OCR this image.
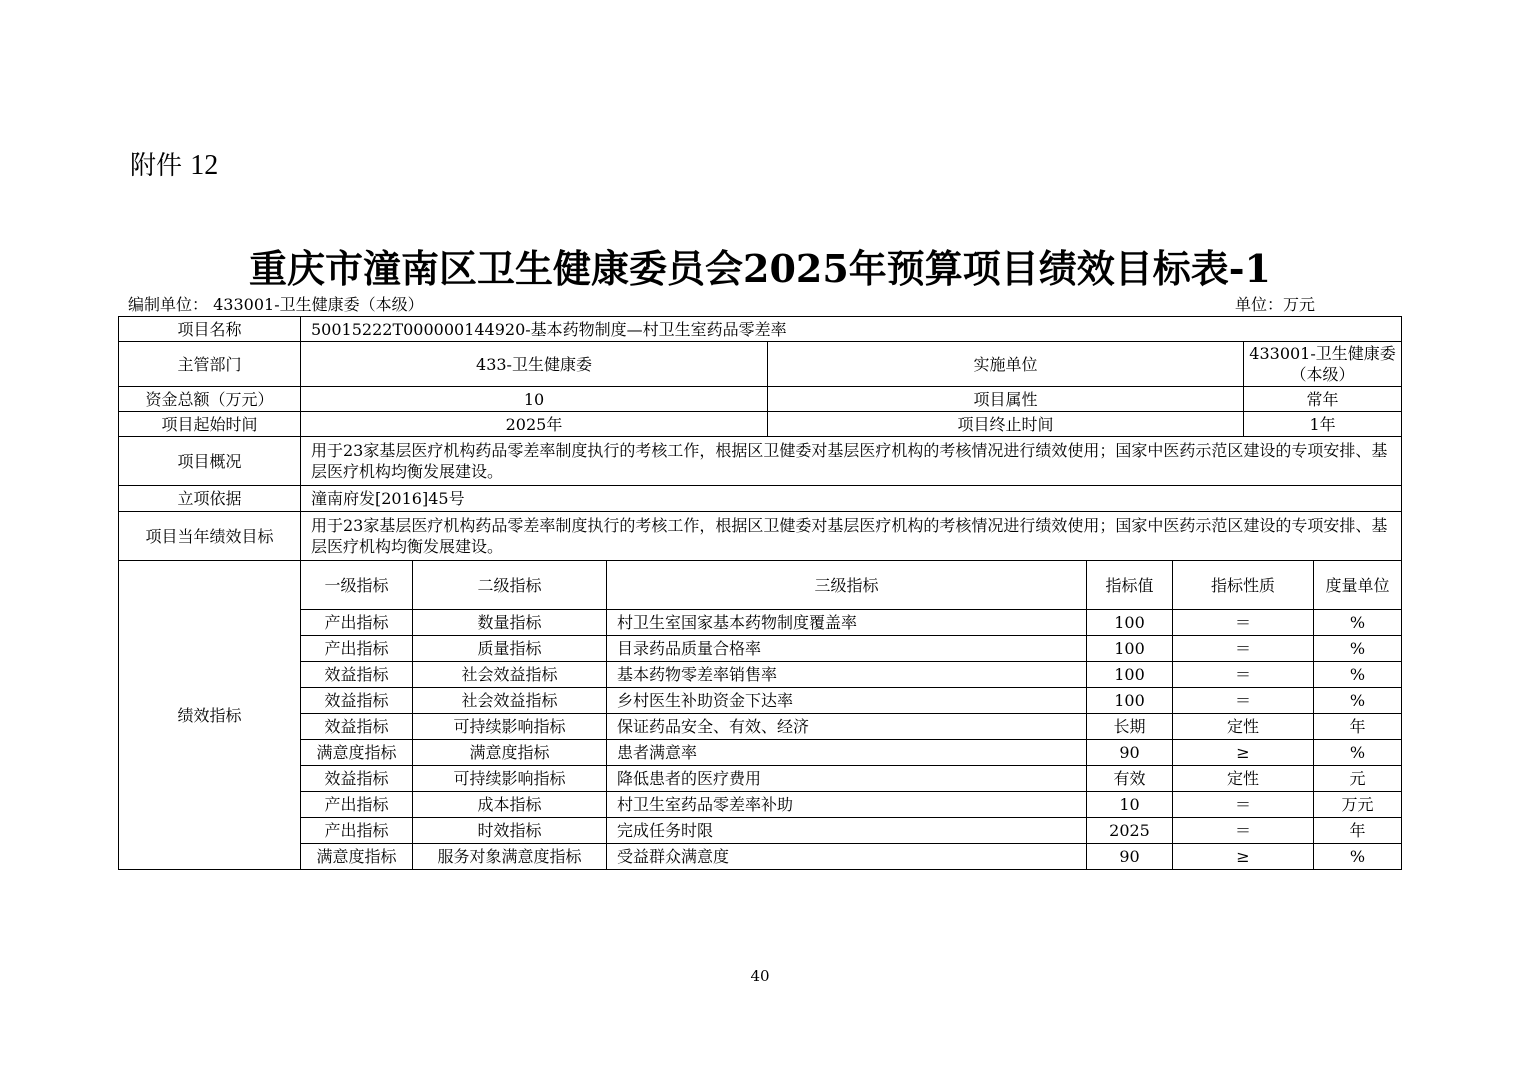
附件 12
重庆市潼南区卫生健康委员会2025年预算项目绩效目标表-1
编制单位： 433001-卫生健康委（本级）	单位：万元
项目名称	50015222T000000144920-基本药物制度—村卫生室药品零差率							
主管部门	433-卫生健康委			实施单位			433001-卫生健康委（本级）	
资金总额（万元）	10			项目属性			常年	
项目起始时间	2025年			项目终止时间			1年	
项目概况	用于23家基层医疗机构药品零差率制度执行的考核工作，根据区卫健委对基层医疗机构的考核情况进行绩效使用；国家中医药示范区建设的专项安排、基层医疗机构均衡发展建设。							
立项依据	潼南府发[2016]45号							
项目当年绩效目标	用于23家基层医疗机构药品零差率制度执行的考核工作，根据区卫健委对基层医疗机构的考核情况进行绩效使用；国家中医药示范区建设的专项安排、基层医疗机构均衡发展建设。							
绩效指标	一级指标	二级指标	三级指标		指标值	指标性质		度量单位
	产出指标	数量指标	村卫生室国家基本药物制度覆盖率		100	＝		%
	产出指标	质量指标	目录药品质量合格率		100	＝		%
	效益指标	社会效益指标	基本药物零差率销售率		100	＝		%
	效益指标	社会效益指标	乡村医生补助资金下达率		100	＝		%
	效益指标	可持续影响指标	保证药品安全、有效、经济		长期	定性		年
	满意度指标	满意度指标	患者满意率		90	≥		%
	效益指标	可持续影响指标	降低患者的医疗费用		有效	定性		元
	产出指标	成本指标	村卫生室药品零差率补助		10	＝		万元
	产出指标	时效指标	完成任务时限		2025	＝		年
	满意度指标	服务对象满意度指标	受益群众满意度		90	≥		%
40
